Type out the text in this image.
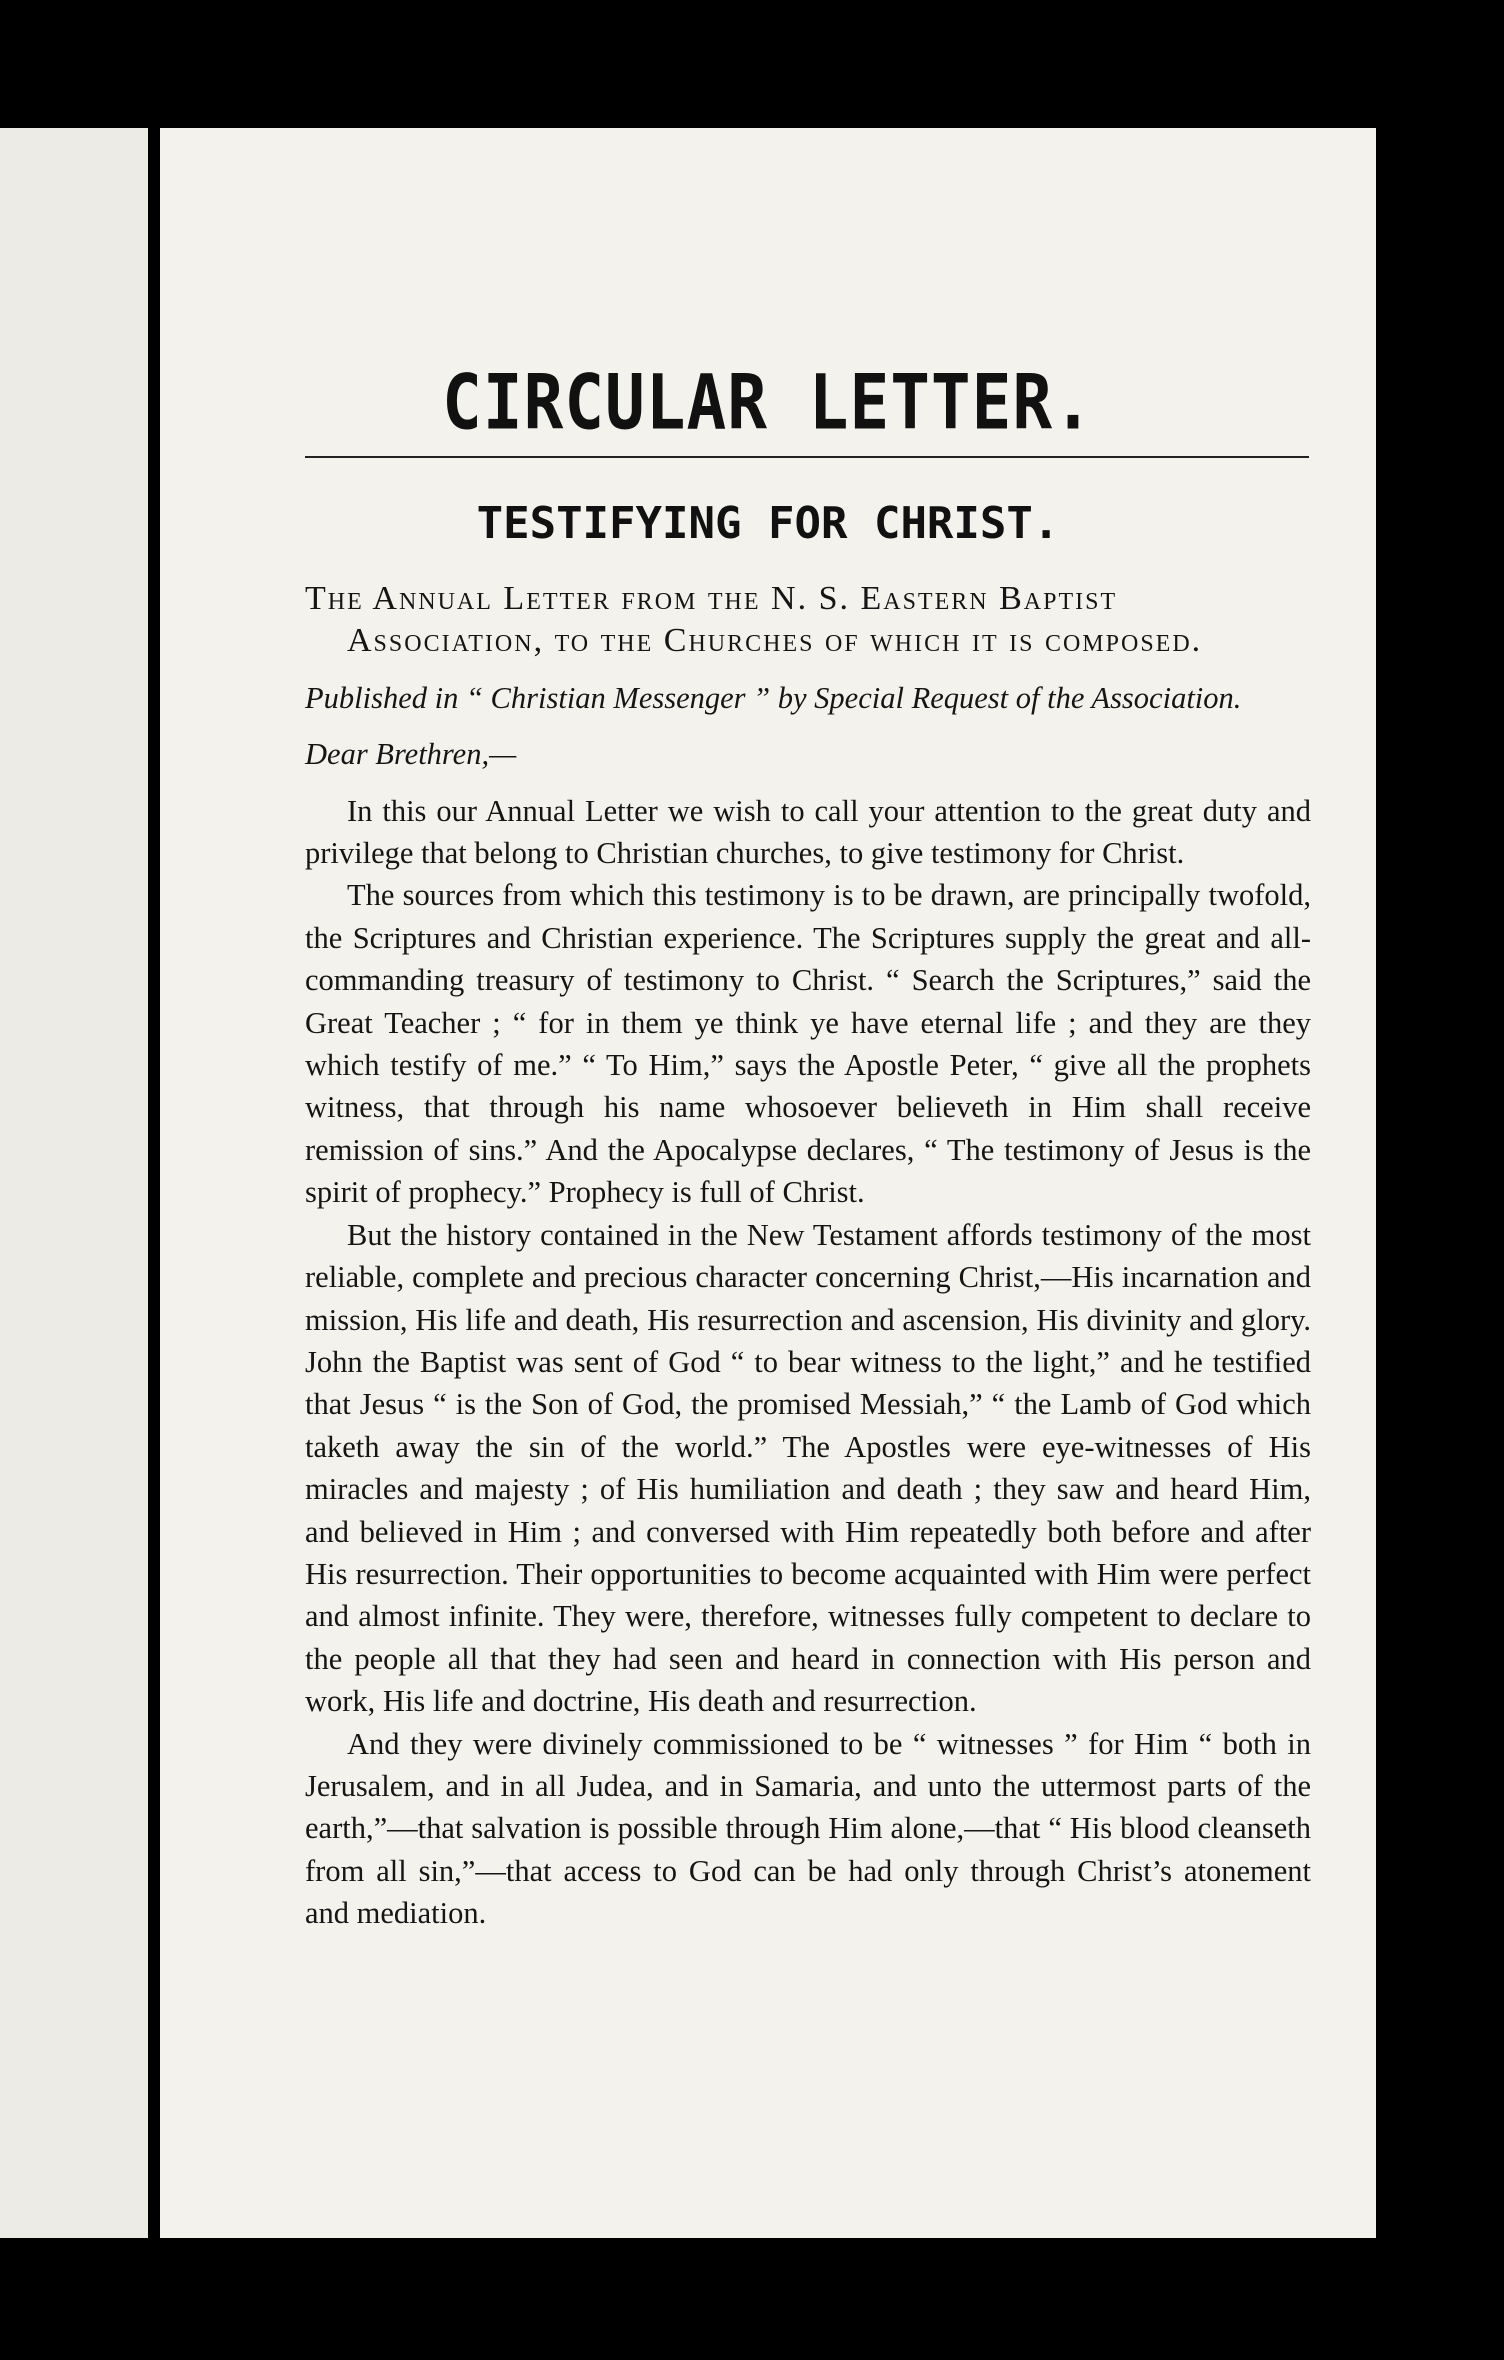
CIRCULAR LETTER.
TESTIFYING FOR CHRIST.

The Annual Letter from the N. S. Eastern Baptist Association, to the Churches of which it is composed.

Published in “ Christian Messenger ” by Special Request of the Association.

Dear Brethren,—

In this our Annual Letter we wish to call your attention to the great duty and privilege that belong to Christian churches, to give testimony for Christ.

The sources from which this testimony is to be drawn, are principally twofold, the Scriptures and Christian experience. The Scriptures supply the great and all-commanding treasury of testimony to Christ. “ Search the Scriptures,” said the Great Teacher ; “ for in them ye think ye have eternal life ; and they are they which testify of me.” “ To Him,” says the Apostle Peter, “ give all the prophets witness, that through his name whosoever believeth in Him shall receive remission of sins.” And the Apocalypse declares, “ The testimony of Jesus is the spirit of prophecy.” Prophecy is full of Christ.

But the history contained in the New Testament affords testimony of the most reliable, complete and precious character concerning Christ,—His incarnation and mission, His life and death, His resurrection and ascension, His divinity and glory. John the Baptist was sent of God “ to bear witness to the light,” and he testified that Jesus “ is the Son of God, the promised Messiah,” “ the Lamb of God which taketh away the sin of the world.” The Apostles were eye-witnesses of His miracles and majesty ; of His humiliation and death ; they saw and heard Him, and believed in Him ; and conversed with Him repeatedly both before and after His resurrection. Their opportunities to become acquainted with Him were perfect and almost infinite. They were, therefore, witnesses fully competent to declare to the people all that they had seen and heard in connection with His person and work, His life and doctrine, His death and resurrection.

And they were divinely commissioned to be “ witnesses ” for Him “ both in Jerusalem, and in all Judea, and in Samaria, and unto the uttermost parts of the earth,”—that salvation is possible through Him alone,—that “ His blood cleanseth from all sin,”—that access to God can be had only through Christ’s atonement and mediation.
